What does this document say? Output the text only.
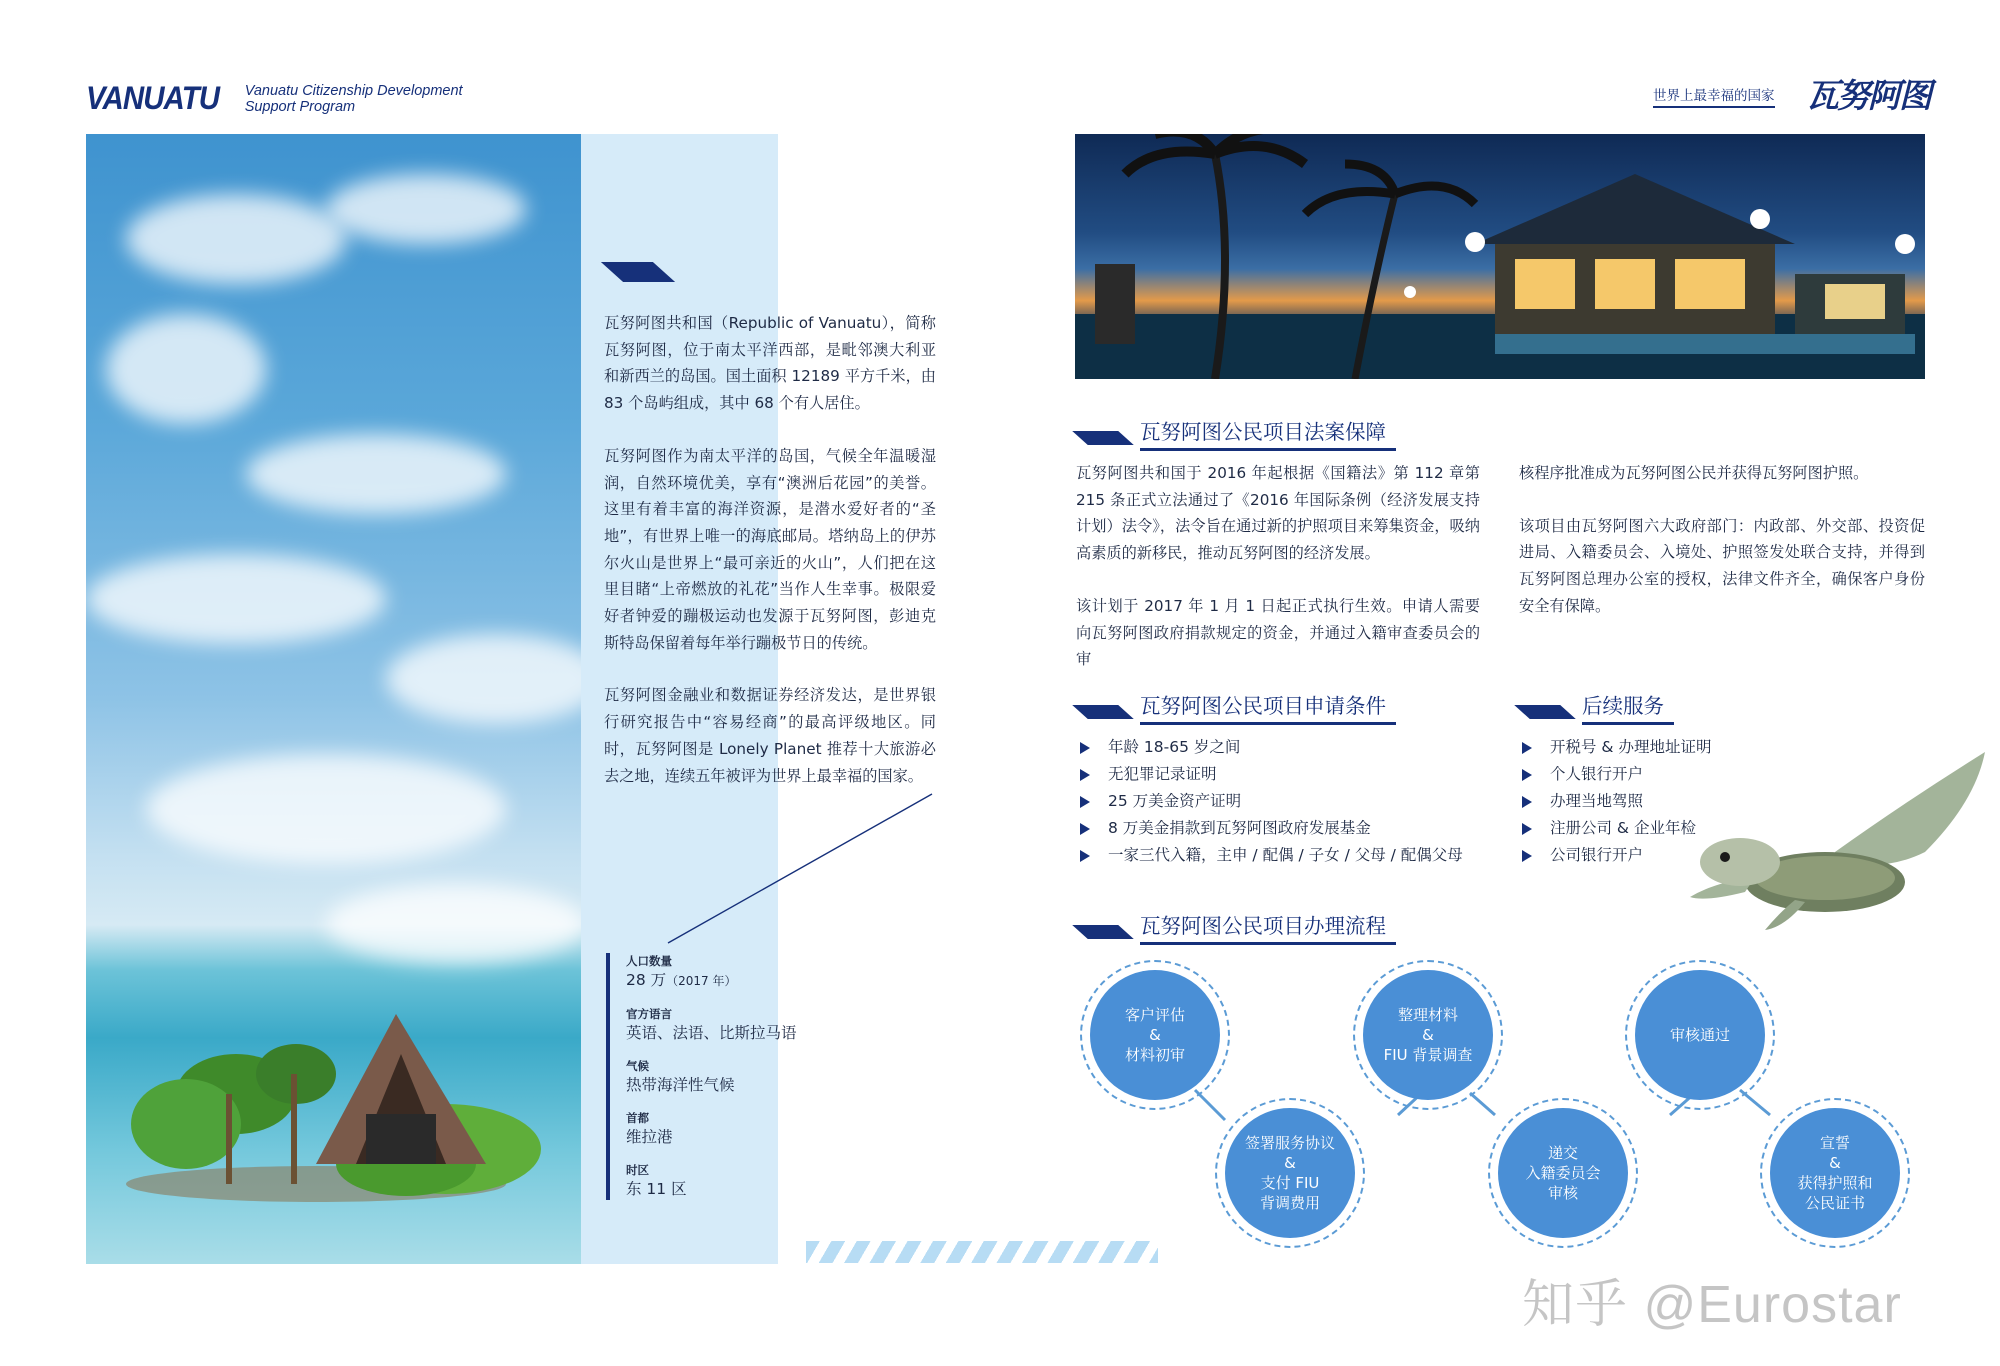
VANUATU Vanuatu Citizenship Development
Support Program

瓦努阿图共和国（Republic of Vanuatu），简称瓦努阿图，位于南太平洋西部，是毗邻澳大利亚和新西兰的岛国。国土面积 12189 平方千米，由 83 个岛屿组成，其中 68 个有人居住。

瓦努阿图作为南太平洋的岛国，气候全年温暖湿润，自然环境优美，享有“澳洲后花园”的美誉。这里有着丰富的海洋资源，是潜水爱好者的“圣地”，有世界上唯一的海底邮局。塔纳岛上的伊苏尔火山是世界上“最可亲近的火山”，人们把在这里目睹“上帝燃放的礼花”当作人生幸事。极限爱好者钟爱的蹦极运动也发源于瓦努阿图，彭迪克斯特岛保留着每年举行蹦极节日的传统。

瓦努阿图金融业和数据证券经济发达，是世界银行研究报告中“容易经商”的最高评级地区。同时，瓦努阿图是 Lonely Planet 推荐十大旅游必去之地，连续五年被评为世界上最幸福的国家。

人口数量
28 万（2017 年）
官方语言
英语、法语、比斯拉马语
气候
热带海洋性气候
首都
维拉港
时区
东 11 区
世界上最幸福的国家 瓦努阿图
瓦努阿图公民项目法案保障

瓦努阿图共和国于 2016 年起根据《国籍法》第 112 章第 215 条正式立法通过了《2016 年国际条例（经济发展支持计划）法令》，法令旨在通过新的护照项目来筹集资金，吸纳高素质的新移民，推动瓦努阿图的经济发展。

该计划于 2017 年 1 月 1 日起正式执行生效。申请人需要向瓦努阿图政府捐款规定的资金，并通过入籍审查委员会的审

核程序批准成为瓦努阿图公民并获得瓦努阿图护照。

该项目由瓦努阿图六大政府部门：内政部、外交部、投资促进局、入籍委员会、入境处、护照签发处联合支持，并得到瓦努阿图总理办公室的授权，法律文件齐全，确保客户身份安全有保障。

瓦努阿图公民项目申请条件
年龄 18-65 岁之间
无犯罪记录证明
25 万美金资产证明
8 万美金捐款到瓦努阿图政府发展基金
一家三代入籍，主申 / 配偶 / 子女 / 父母 / 配偶父母
后续服务
开税号 & 办理地址证明
个人银行开户
办理当地驾照
注册公司 & 企业年检
公司银行开户
瓦努阿图公民项目办理流程
客户评估
&
材料初审
签署服务协议
&
支付 FIU
背调费用
整理材料
&
FIU 背景调查
递交
入籍委员会
审核
审核通过
宣誓
&
获得护照和
公民证书
知乎 @Eurostar
